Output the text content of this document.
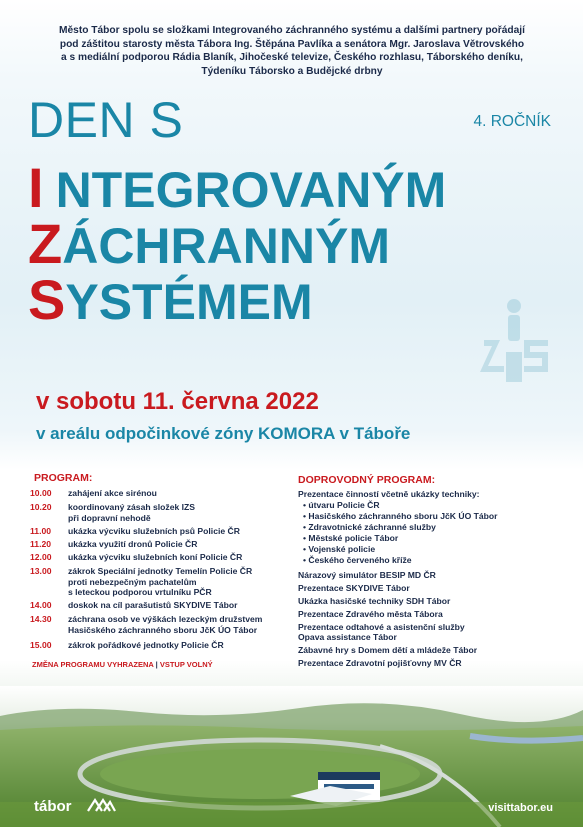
Město Tábor spolu se složkami Integrovaného záchranného systému a dalšími partnery pořádají
pod záštitou starosty města Tábora Ing. Štěpána Pavlíka a senátora Mgr. Jaroslava Větrovského
a s mediální podporou Rádia Blaník, Jihočeské televize, Českého rozhlasu, Táborského deníku,
Týdeníku Táborsko a Budějcké drbny
DEN S	4. ROČNÍK
I NTEGROVANÝM
ZÁCHRANNÝM
SYSTÉMEM
v sobotu 11. června 2022
v areálu odpočinkové zóny KOMORA v Táboře
PROGRAM:
10.00	zahájení akce sirénou
10.20	koordinovaný zásah složek IZS
při dopravní nehodě
11.00	ukázka výcviku služebních psů Policie ČR
11.20	ukázka využití dronů Policie ČR
12.00	ukázka výcviku služebních koní Policie ČR
13.00	zákrok Speciální jednotky Temelín Policie ČR
proti nebezpečným pachatelům
s leteckou podporou vrtulníku PČR
14.00	doskok na cíl parašutistů SKYDIVE Tábor
14.30	záchrana osob ve výškách lezeckým družstvem
Hasičského záchranného sboru JčK ÚO Tábor
15.00	zákrok pořádkové jednotky Policie ČR
ZMĚNA PROGRAMU VYHRAZENA | VSTUP VOLNÝ
DOPROVODNÝ PROGRAM:
Prezentace činností včetně ukázky techniky:
• útvaru Policie ČR
• Hasičského záchranného sboru JčK ÚO Tábor
• Zdravotnické záchranné služby
• Městské policie Tábor
• Vojenské policie
• Českého červeného kříže
Nárazový simulátor BESIP MD ČR
Prezentace SKYDIVE Tábor
Ukázka hasičské techniky SDH Tábor
Prezentace Zdravého města Tábora
Prezentace odtahové a asistenční služby
Opava assistance Tábor
Zábavné hry s Domem dětí a mládeže Tábor
Prezentace Zdravotní pojišťovny MV ČR
tábor	visittabor.eu
